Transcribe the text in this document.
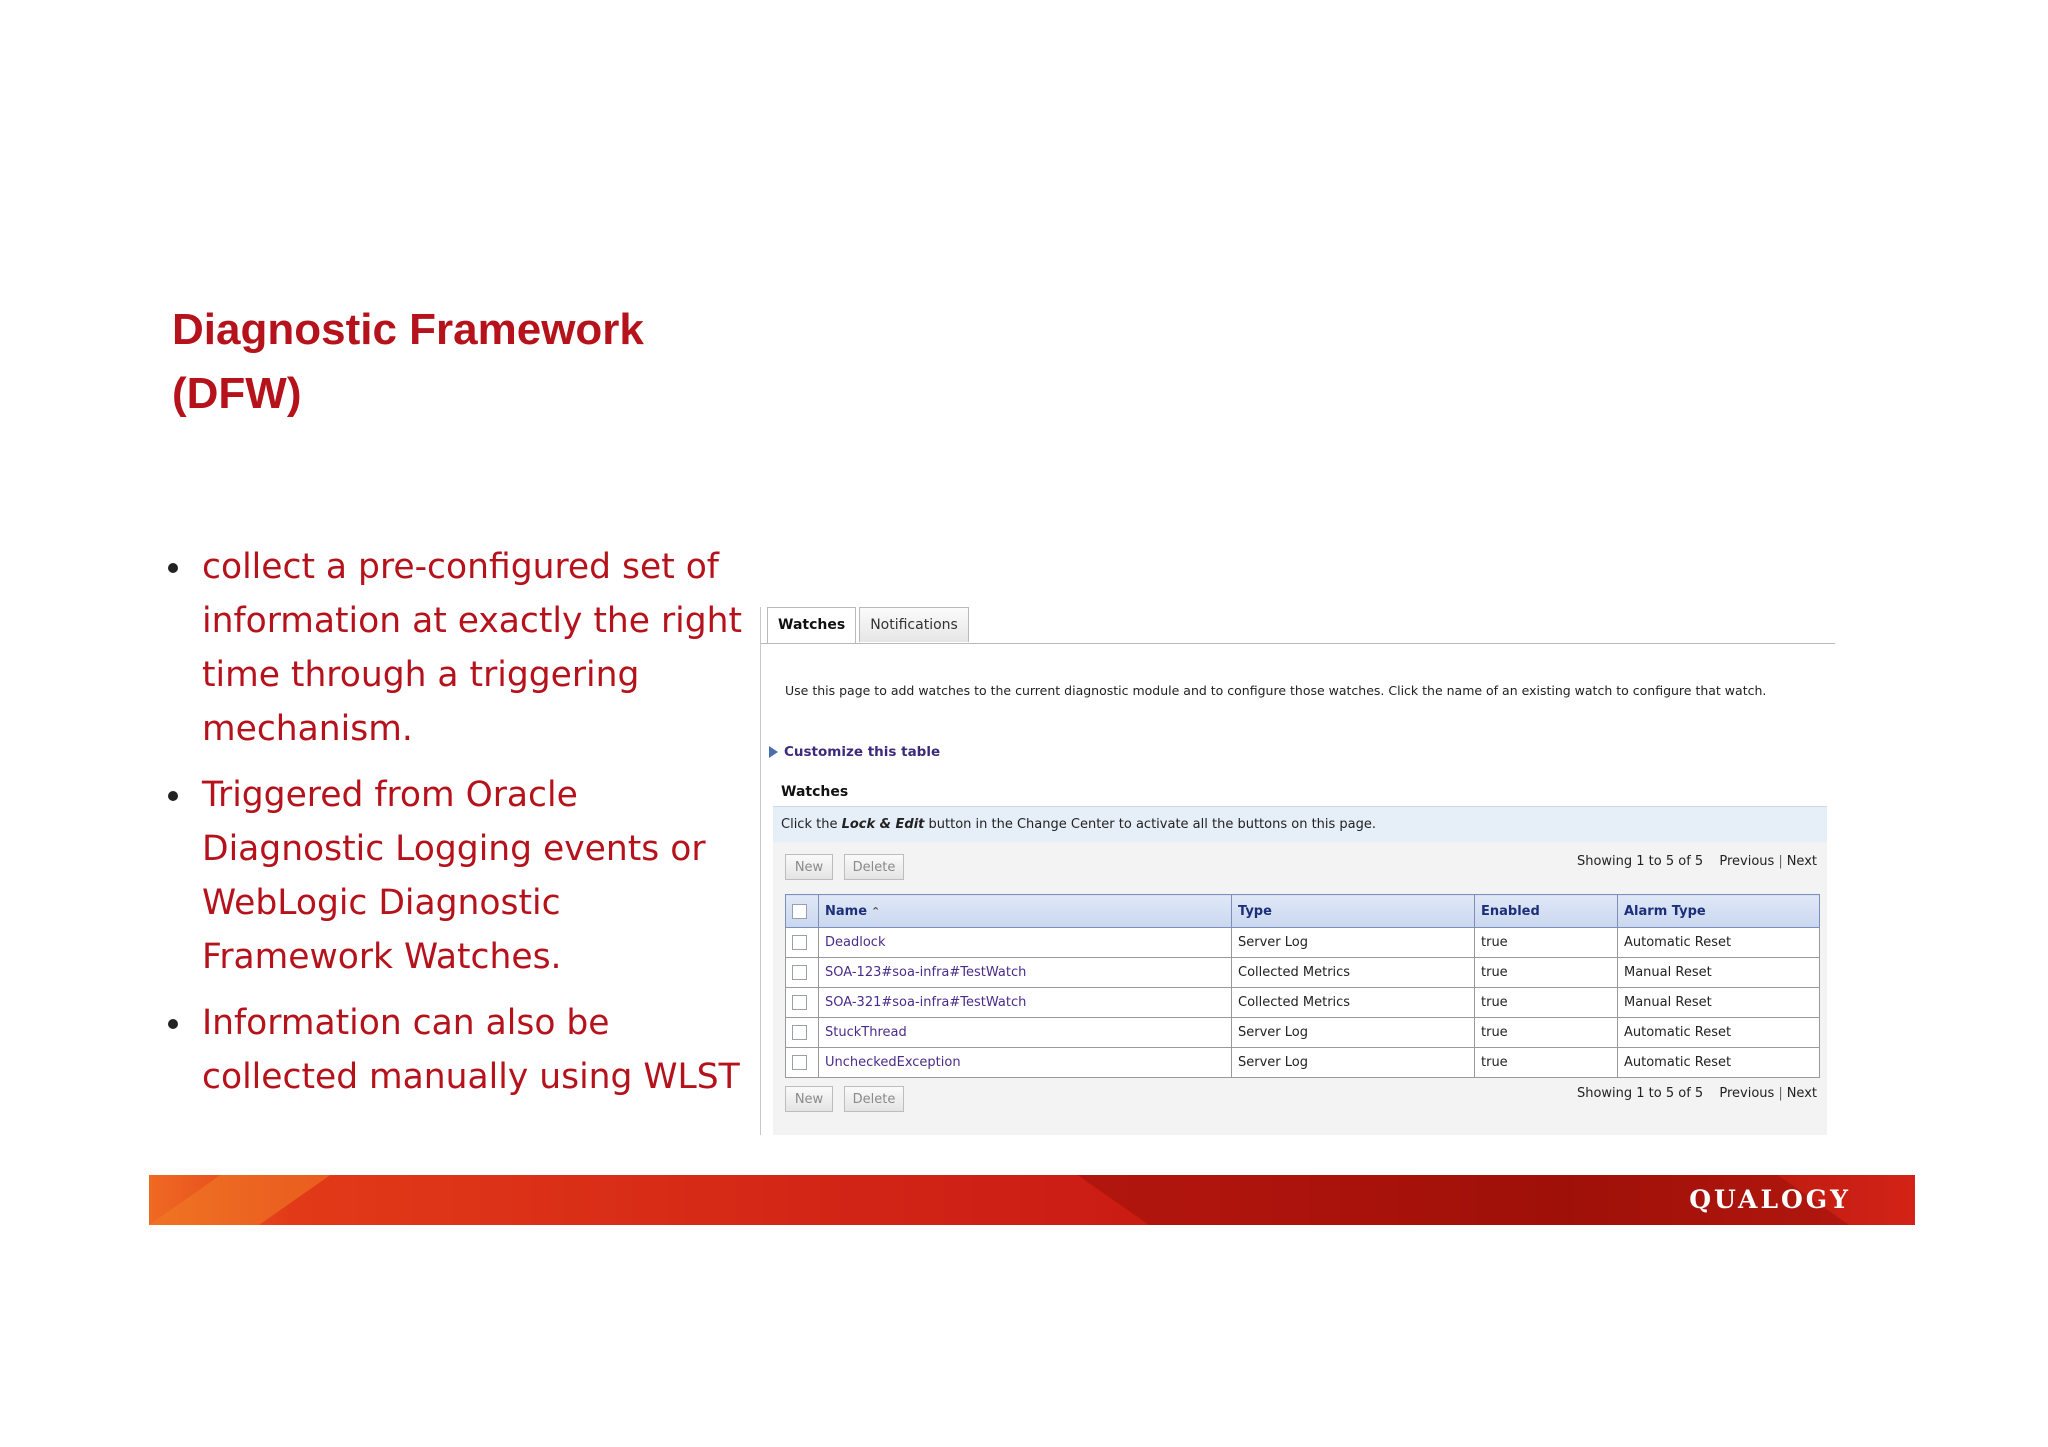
Diagnostic Framework
(DFW)
collect a pre-configured set of
information at exactly the right
time through a triggering
mechanism.
Triggered from Oracle
Diagnostic Logging events or
WebLogic Diagnostic
Framework Watches.
Information can also be
collected manually using WLST
Watches	Notifications
Use this page to add watches to the current diagnostic module and to configure those watches. Click the name of an existing watch to configure that watch.
Customize this table
Watches
Click the Lock & Edit button in the Change Center to activate all the buttons on this page.
New	Delete	Showing 1 to 5 of 5 Previous | Next
	Name ⌃	Type	Enabled	Alarm Type
	Deadlock	Server Log	true	Automatic Reset
	SOA-123#soa-infra#TestWatch	Collected Metrics	true	Manual Reset
	SOA-321#soa-infra#TestWatch	Collected Metrics	true	Manual Reset
	StuckThread	Server Log	true	Automatic Reset
	UncheckedException	Server Log	true	Automatic Reset
New	Delete	Showing 1 to 5 of 5 Previous | Next
QUALOGY
